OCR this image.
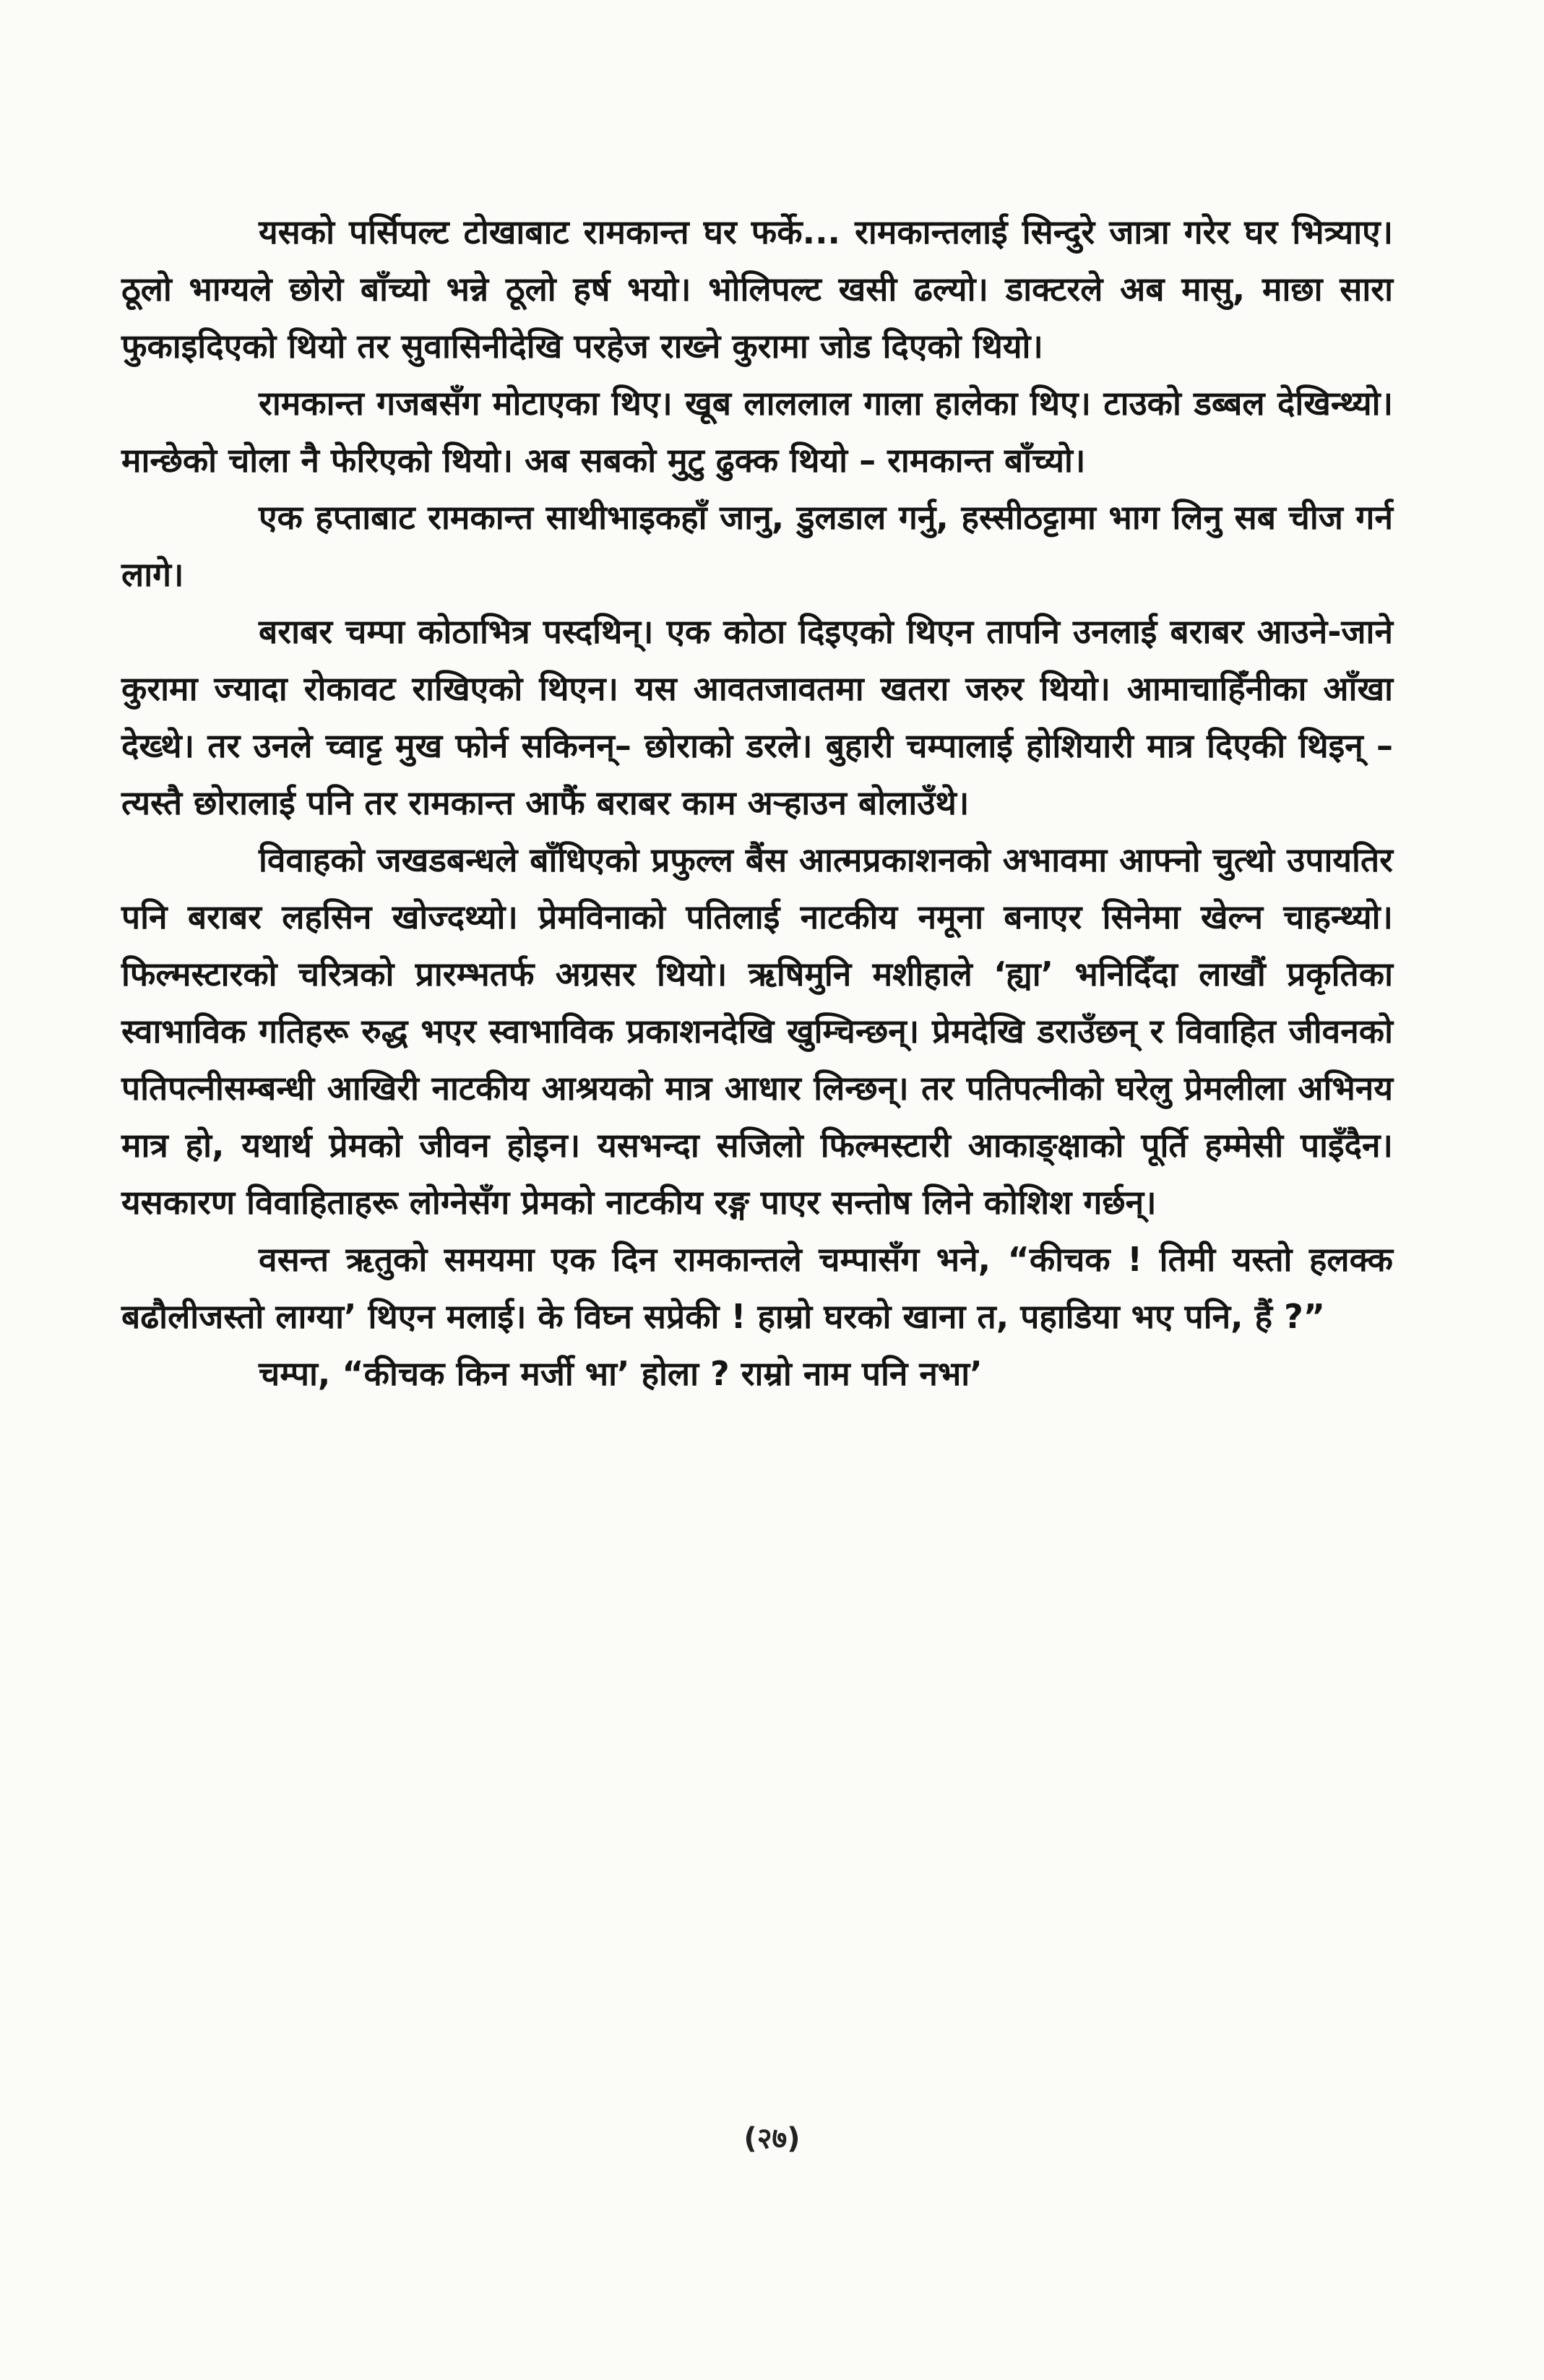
यसको पर्सिपल्ट टोखाबाट रामकान्त घर फर्के... रामकान्तलाई सिन्दुरे जात्रा गरेर घर भित्र्याए। ठूलो भाग्यले छोरो बाँच्यो भन्ने ठूलो हर्ष भयो। भोलिपल्ट खसी ढल्यो। डाक्टरले अब मासु, माछा सारा फुकाइदिएको थियो तर सुवासिनीदेखि परहेज राख्ने कुरामा जोड दिएको थियो।

रामकान्त गजबसँग मोटाएका थिए। खूब लाललाल गाला हालेका थिए। टाउको डब्बल देखिन्थ्यो। मान्छेको चोला नै फेरिएको थियो। अब सबको मुटु ढुक्क थियो – रामकान्त बाँच्यो।

एक हप्ताबाट रामकान्त साथीभाइकहाँ जानु, डुलडाल गर्नु, हस्सीठट्टामा भाग लिनु सब चीज गर्न लागे।

बराबर चम्पा कोठाभित्र पस्दथिन्। एक कोठा दिइएको थिएन तापनि उनलाई बराबर आउने-जाने कुरामा ज्यादा रोकावट राखिएको थिएन। यस आवतजावतमा खतरा जरुर थियो। आमाचाहिँनीका आँखा देख्थे। तर उनले च्वाट्ट मुख फोर्न सकिनन्– छोराको डरले। बुहारी चम्पालाई होशियारी मात्र दिएकी थिइन् – त्यस्तै छोरालाई पनि तर रामकान्त आफैं बराबर काम अऱ्हाउन बोलाउँथे।

विवाहको जखडबन्धले बाँधिएको प्रफुल्ल बैंस आत्मप्रकाशनको अभावमा आफ्नो चुत्थो उपायतिर पनि बराबर लहसिन खोज्दथ्यो। प्रेमविनाको पतिलाई नाटकीय नमूना बनाएर सिनेमा खेल्न चाहन्थ्यो। फिल्मस्टारको चरित्रको प्रारम्भतर्फ अग्रसर थियो। ऋषिमुनि मशीहाले ‘ह्या’ भनिदिँदा लाखौं प्रकृतिका स्वाभाविक गतिहरू रुद्ध भएर स्वाभाविक प्रकाशनदेखि खुम्चिन्छन्। प्रेमदेखि डराउँछन् र विवाहित जीवनको पतिपत्नीसम्बन्धी आखिरी नाटकीय आश्रयको मात्र आधार लिन्छन्। तर पतिपत्नीको घरेलु प्रेमलीला अभिनय मात्र हो, यथार्थ प्रेमको जीवन होइन। यसभन्दा सजिलो फिल्मस्टारी आकाङ्क्षाको पूर्ति हम्मेसी पाइँदैन। यसकारण विवाहिताहरू लोग्नेसँग प्रेमको नाटकीय रङ्ग पाएर सन्तोष लिने कोशिश गर्छन्।

वसन्त ऋतुको समयमा एक दिन रामकान्तले चम्पासँग भने, “कीचक ! तिमी यस्तो हलक्क बढौलीजस्तो लाग्या’ थिएन मलाई। के विघ्न सप्रेकी ! हाम्रो घरको खाना त, पहाडिया भए पनि, हैं ?”

चम्पा, “कीचक किन मर्जी भा’ होला ? राम्रो नाम पनि नभा’

(२७)
